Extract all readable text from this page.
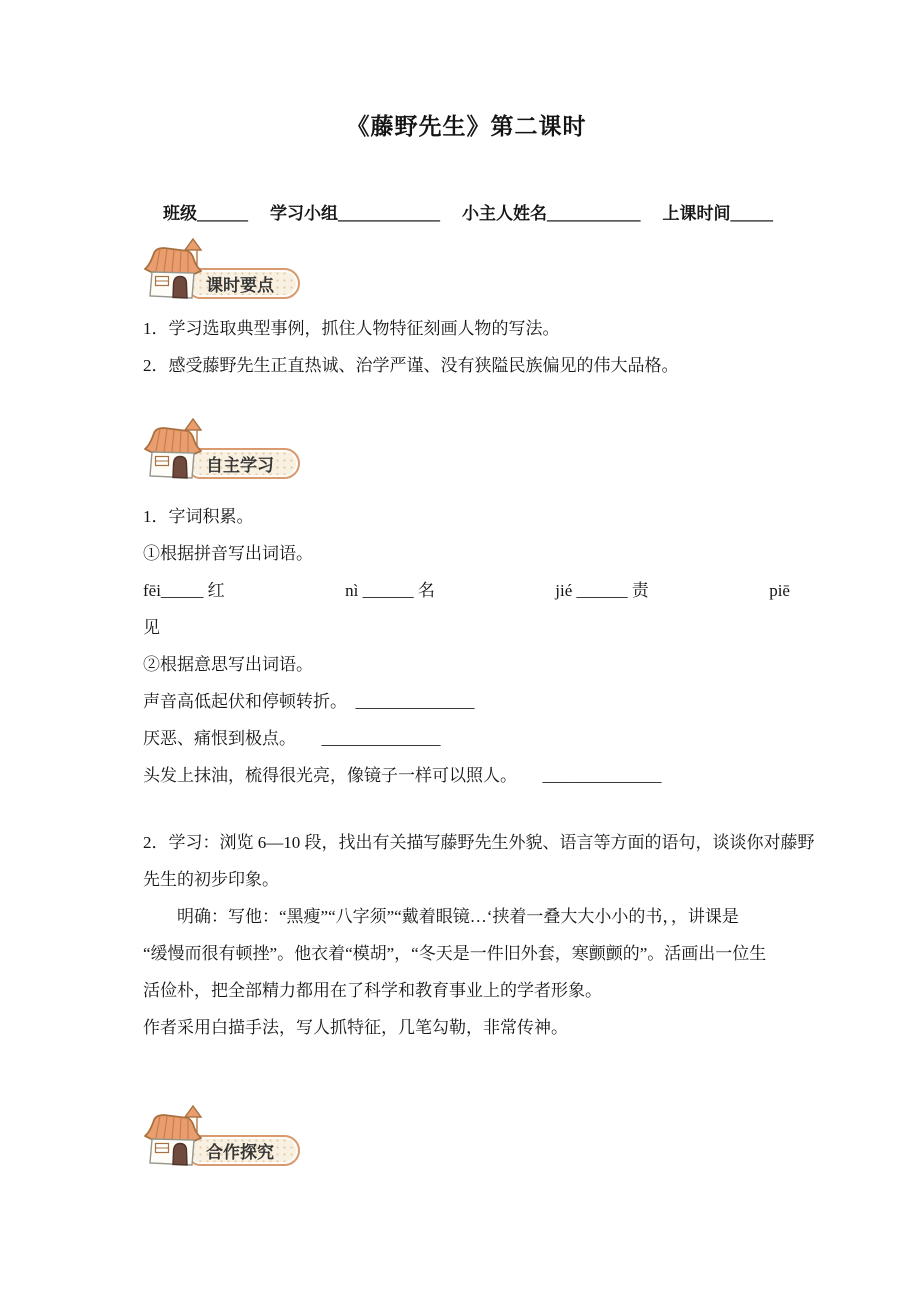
《藤野先生》第二课时
班级______ 学习小组____________ 小主人姓名___________ 上课时间_____
课时要点

1．学习选取典型事例，抓住人物特征刻画人物的写法。

2．感受藤野先生正直热诚、治学严谨、没有狭隘民族偏见的伟大品格。

自主学习

1．字词积累。

①根据拼音写出词语。

fēi_____ 红	nì ______ 名	jié ______ 责	piē

见

②根据意思写出词语。

声音高低起伏和停顿转折。　______________

厌恶、痛恨到极点。　　______________

头发上抹油，梳得很光亮，像镜子一样可以照人。　　______________

2．学习：浏览 6—10 段，找出有关描写藤野先生外貌、语言等方面的语句，谈谈你对藤野

先生的初步印象。

明确：写他：“黑瘦”“八字须”“戴着眼镜…‘挟着一叠大大小小的书，，讲课是

“缓慢而很有顿挫”。他衣着“模胡”，“冬天是一件旧外套，寒颤颤的”。活画出一位生

活俭朴，把全部精力都用在了科学和教育事业上的学者形象。

作者采用白描手法，写人抓特征，几笔勾勒，非常传神。

合作探究
